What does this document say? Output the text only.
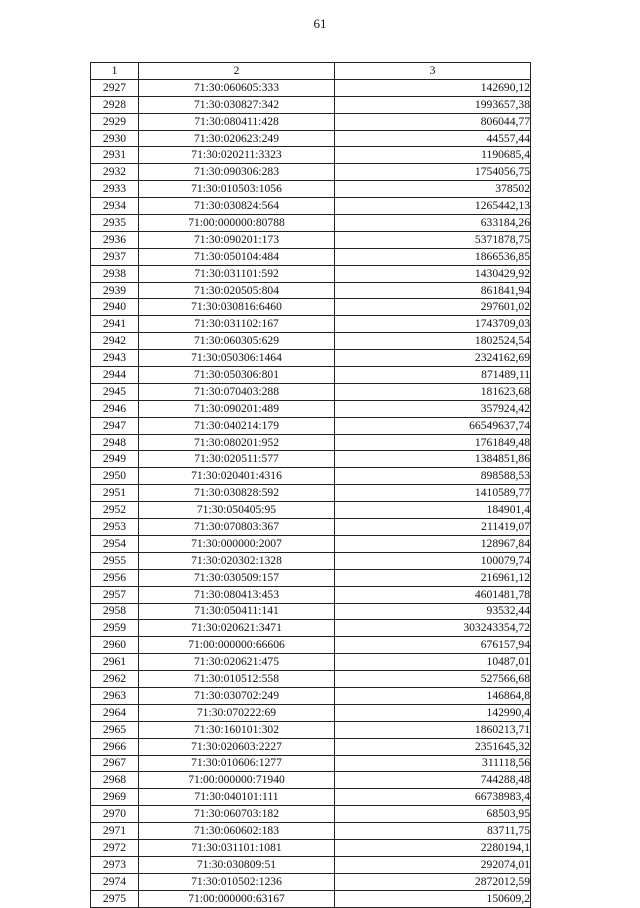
61
1	2	3
2927	71:30:060605:333	142690,12
2928	71:30:030827:342	1993657,38
2929	71:30:080411:428	806044,77
2930	71:30:020623:249	44557,44
2931	71:30:020211:3323	1190685,4
2932	71:30:090306:283	1754056,75
2933	71:30:010503:1056	378502
2934	71:30:030824:564	1265442,13
2935	71:00:000000:80788	633184,26
2936	71:30:090201:173	5371878,75
2937	71:30:050104:484	1866536,85
2938	71:30:031101:592	1430429,92
2939	71:30:020505:804	861841,94
2940	71:30:030816:6460	297601,02
2941	71:30:031102:167	1743709,03
2942	71:30:060305:629	1802524,54
2943	71:30:050306:1464	2324162,69
2944	71:30:050306:801	871489,11
2945	71:30:070403:288	181623,68
2946	71:30:090201:489	357924,42
2947	71:30:040214:179	66549637,74
2948	71:30:080201:952	1761849,48
2949	71:30:020511:577	1384851,86
2950	71:30:020401:4316	898588,53
2951	71:30:030828:592	1410589,77
2952	71:30:050405:95	184901,4
2953	71:30:070803:367	211419,07
2954	71:30:000000:2007	128967,84
2955	71:30:020302:1328	100079,74
2956	71:30:030509:157	216961,12
2957	71:30:080413:453	4601481,78
2958	71:30:050411:141	93532,44
2959	71:30:020621:3471	303243354,72
2960	71:00:000000:66606	676157,94
2961	71:30:020621:475	10487,01
2962	71:30:010512:558	527566,68
2963	71:30:030702:249	146864,8
2964	71:30:070222:69	142990,4
2965	71:30:160101:302	1860213,71
2966	71:30:020603:2227	2351645,32
2967	71:30:010606:1277	311118,56
2968	71:00:000000:71940	744288,48
2969	71:30:040101:111	66738983,4
2970	71:30:060703:182	68503,95
2971	71:30:060602:183	83711,75
2972	71:30:031101:1081	2280194,1
2973	71:30:030809:51	292074,01
2974	71:30:010502:1236	2872012,59
2975	71:00:000000:63167	150609,2
